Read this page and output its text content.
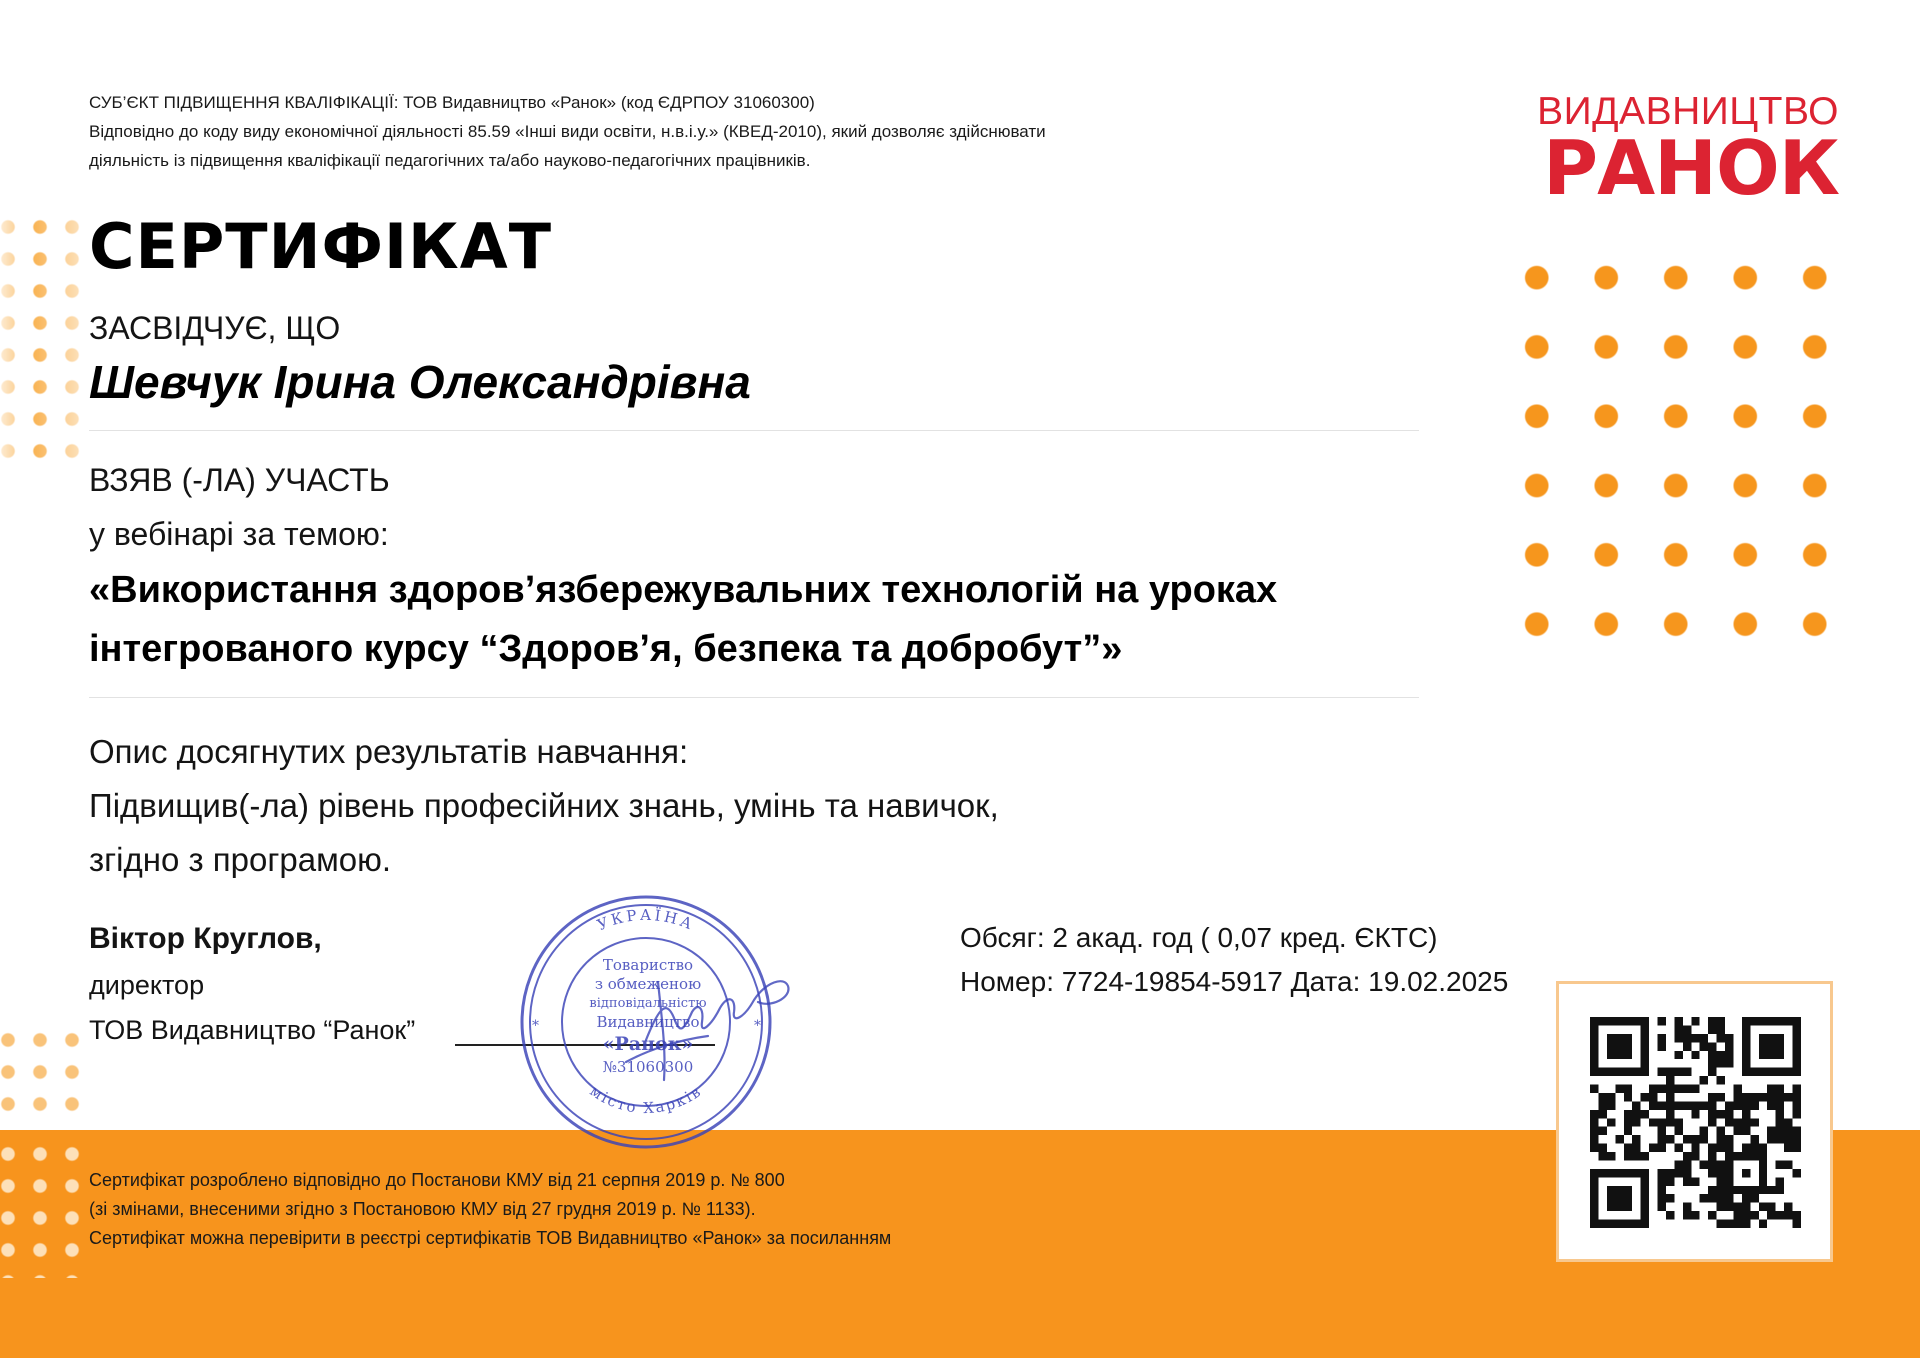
СУБ’ЄКТ ПІДВИЩЕННЯ КВАЛІФІКАЦІЇ: ТОВ Видавництво «Ранок» (код ЄДРПОУ 31060300)
Відповідно до коду виду економічної діяльності 85.59 «Інші види освіти, н.в.і.у.» (КВЕД-2010), який дозволяє здійснювати
діяльність із підвищення кваліфікації педагогічних та/або науково-педагогічних працівників.
ВИДАВНИЦТВО
РАНОК
СЕРТИФІКАТ
ЗАСВІДЧУЄ, ЩО
Шевчук Ірина Олександрівна
ВЗЯВ (-ЛА) УЧАСТЬ
у вебінарі за темою:
«Використання здоров’язбережувальних технологій на уроках
інтегрованого курсу “Здоров’я, безпека та добробут”»
Опис досягнутих результатів навчання:
Підвищив(-ла) рівень професійних знань, умінь та навичок,
згідно з програмою.
Віктор Круглов,
директор
ТОВ Видавництво “Ранок”
УКРАЇНА
місто Харків
*	*
Товариство
з обмеженою
відповідальністю
Видавництво
«Ранок»
№31060300
Обсяг: 2 акад. год ( 0,07 кред. ЄКТС)
Номер: 7724-19854-5917 Дата: 19.02.2025
Сертифікат розроблено відповідно до Постанови КМУ від 21 серпня 2019 р. № 800
(зі змінами, внесеними згідно з Постановою КМУ від 27 грудня 2019 р. № 1133).
Сертифікат можна перевірити в реєстрі сертифікатів ТОВ Видавництво «Ранок» за посиланням
